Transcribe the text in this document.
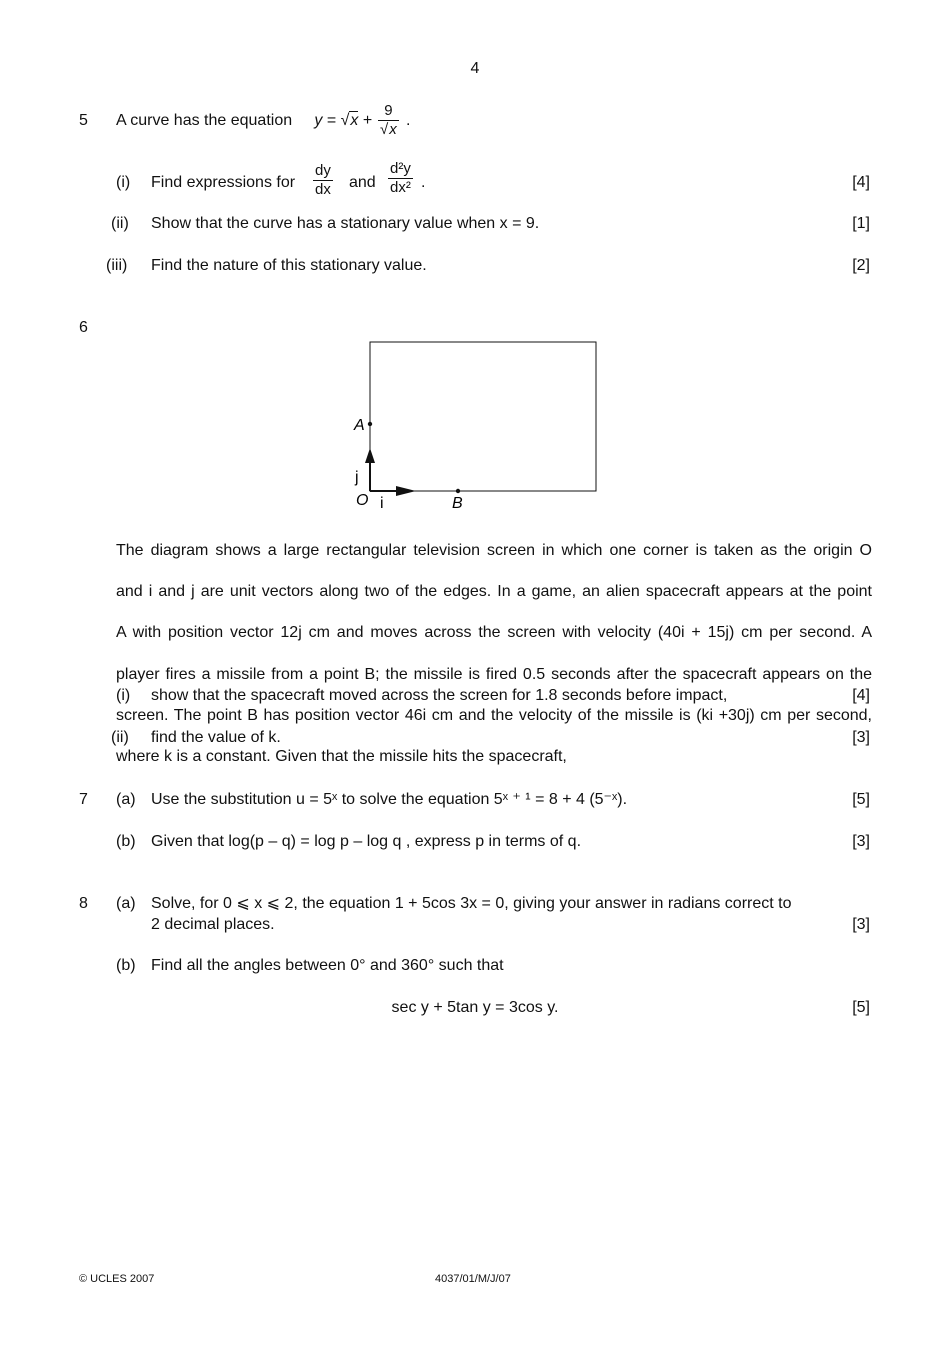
4
5 A curve has the equation $y = √x + \frac{9}{√x}$ .
(i) Find expressions for $\frac{dy}{dx}$ and $\frac{\text{d²y}}{\text{dx²}}$ .	[4]
(ii) Show that the curve has a stationary value when x = 9.	[1]
(iii) Find the nature of this stationary value.	[2]
6
A
j
O i	B
The diagram shows a large rectangular television screen in which one corner is taken as the origin O
and i and j are unit vectors along two of the edges. In a game, an alien spacecraft appears at the point
A with position vector 12j cm and moves across the screen with velocity (40i + 15j) cm per second. A
player fires a missile from a point B; the missile is fired 0.5 seconds after the spacecraft appears on the
screen. The point B has position vector 46i cm and the velocity of the missile is (ki +30j) cm per second,
where k is a constant. Given that the missile hits the spacecraft,
(i) show that the spacecraft moved across the screen for 1.8 seconds before impact,	[4]
(ii) find the value of k.	[3]
7 (a) Use the substitution u = 5ˣ to solve the equation 5ˣ ⁺ ¹ = 8 + 4 (5⁻ˣ).	[5]
(b) Given that log(p – q) = log p – log q , express p in terms of q.	[3]
8 (a) Solve, for 0 ⩽ x ⩽ 2, the equation 1 + 5cos 3x = 0, giving your answer in radians correct to
2 decimal places.	[3]
(b) Find all the angles between 0° and 360° such that
sec y + 5tan y = 3cos y.	[5]
© UCLES 2007	4037/01/M/J/07
